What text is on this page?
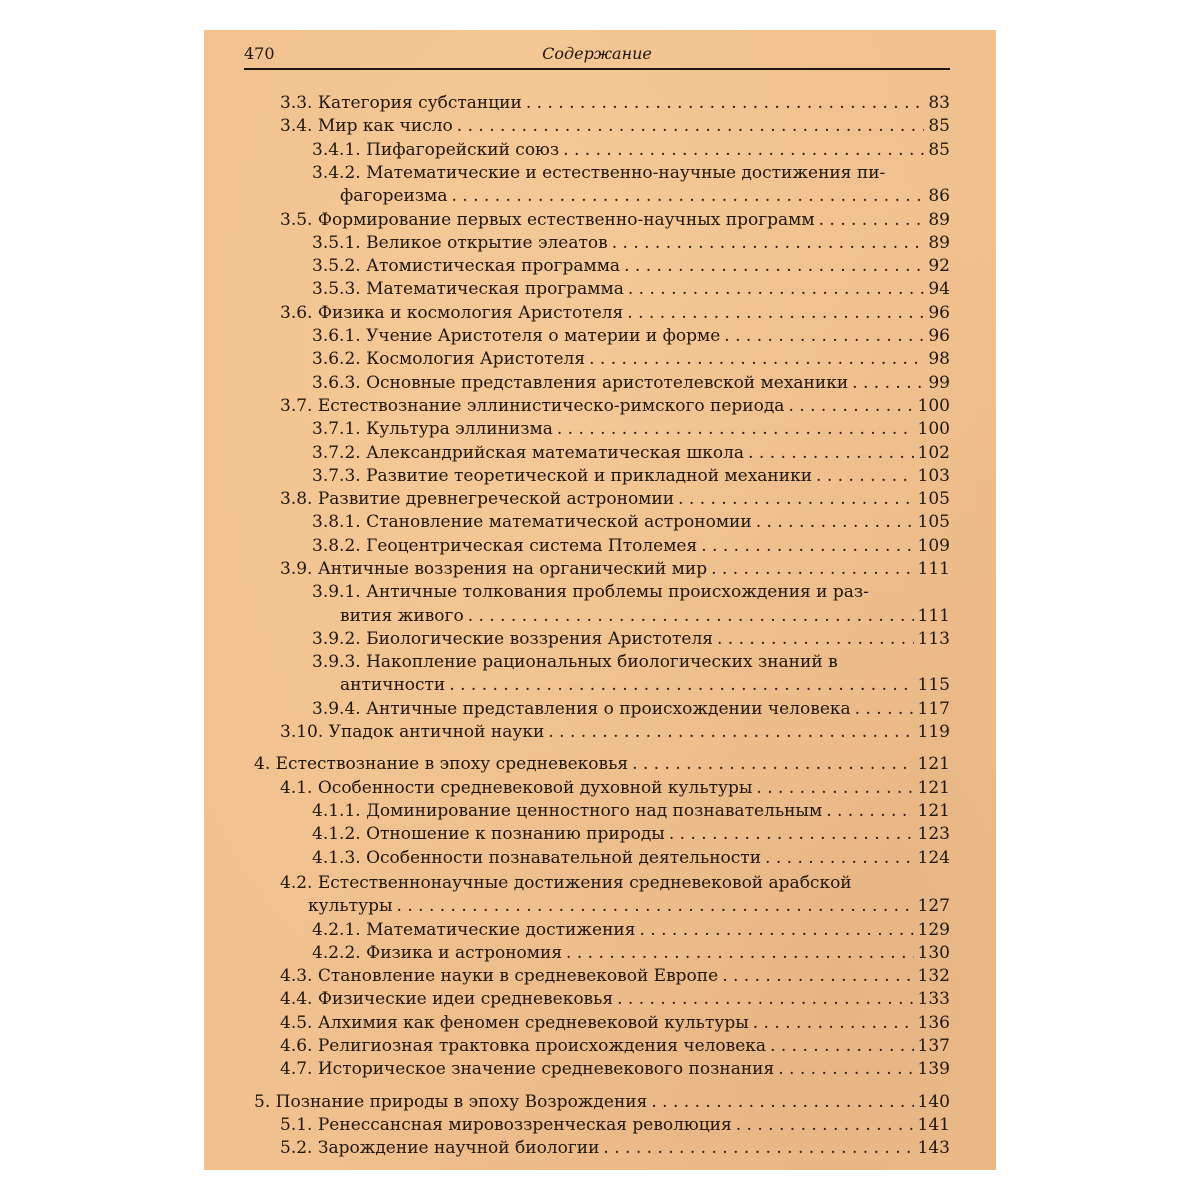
470	Содержание
3.3. Категория субстанции . . .	83
3.4. Мир как число . . .	85
3.4.1. Пифагорейский союз . . .	85
3.4.2. Математические и естественно-научные достижения пи-
фагореизма . . .	86
3.5. Формирование первых естественно-научных программ . . .	89
3.5.1. Великое открытие элеатов . . .	89
3.5.2. Атомистическая программа . . .	92
3.5.3. Математическая программа . . .	94
3.6. Физика и космология Аристотеля . . .	96
3.6.1. Учение Аристотеля о материи и форме . . .	96
3.6.2. Космология Аристотеля . . .	98
3.6.3. Основные представления аристотелевской механики . . .	99
3.7. Естествознание эллинистическо-римского периода . . .	100
3.7.1. Культура эллинизма . . .	100
3.7.2. Александрийская математическая школа . . .	102
3.7.3. Развитие теоретической и прикладной механики . . .	103
3.8. Развитие древнегреческой астрономии . . .	105
3.8.1. Становление математической астрономии . . .	105
3.8.2. Геоцентрическая система Птолемея . . .	109
3.9. Античные воззрения на органический мир . . .	111
3.9.1. Античные толкования проблемы происхождения и раз-
вития живого . . .	111
3.9.2. Биологические воззрения Аристотеля . . .	113
3.9.3. Накопление рациональных биологических знаний в
античности . . .	115
3.9.4. Античные представления о происхождении человека . . .	117
3.10. Упадок античной науки . . .	119
4. Естествознание в эпоху средневековья . . .	121
4.1. Особенности средневековой духовной культуры . . .	121
4.1.1. Доминирование ценностного над познавательным . . .	121
4.1.2. Отношение к познанию природы . . .	123
4.1.3. Особенности познавательной деятельности . . .	124
4.2. Естественнонаучные достижения средневековой арабской
культуры . . .	127
4.2.1. Математические достижения . . .	129
4.2.2. Физика и астрономия . . .	130
4.3. Становление науки в средневековой Европе . . .	132
4.4. Физические идеи средневековья . . .	133
4.5. Алхимия как феномен средневековой культуры . . .	136
4.6. Религиозная трактовка происхождения человека . . .	137
4.7. Историческое значение средневекового познания . . .	139
5. Познание природы в эпоху Возрождения . . .	140
5.1. Ренессансная мировоззренческая революция . . .	141
5.2. Зарождение научной биологии . . .	143
